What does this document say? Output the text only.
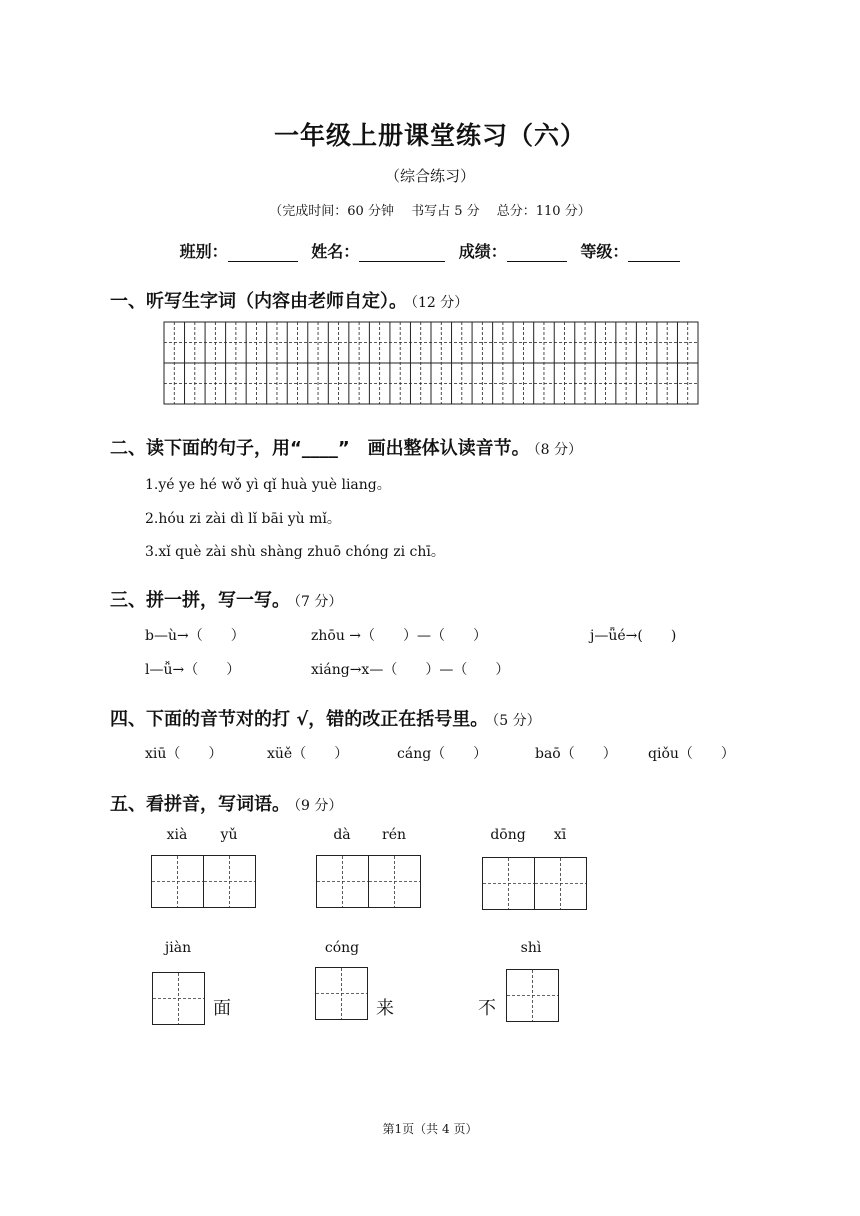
一年级上册课堂练习（六）
（综合练习）
（完成时间：60 分钟　 书写占 5 分　 总分：110 分）
班别：	姓名：	成绩：	等级：
一、听写生字词（内容由老师自定）。 （12 分）
二、读下面的句子，用“____”　画出整体认读音节。 （8 分）
1.yé ye hé wǒ yì qǐ huà yuè liang。
2.hóu zi zài dì lǐ bāi yù mǐ。
3.xǐ què zài shù shàng zhuō chóng zi chī。
三、拼一拼，写一写。 （7 分）
b—ù→（　　）	zhōu →（　　）—（　　）	j—ǖé→(　　)
l—ǚ→（　　）	xiáng→x—（　　）—（　　）
四、下面的音节对的打 √，错的改正在括号里。 （5 分）
xiū（　　）	xüě（　　）	cáng（　　）	baō（　　） qiǒu（　　）
五、看拼音，写词语。 （9 分）
xià	yǔ	dà	rén	dōng	xī
jiàn
面
cóng
来
shì
不
第1页（共 4 页）
